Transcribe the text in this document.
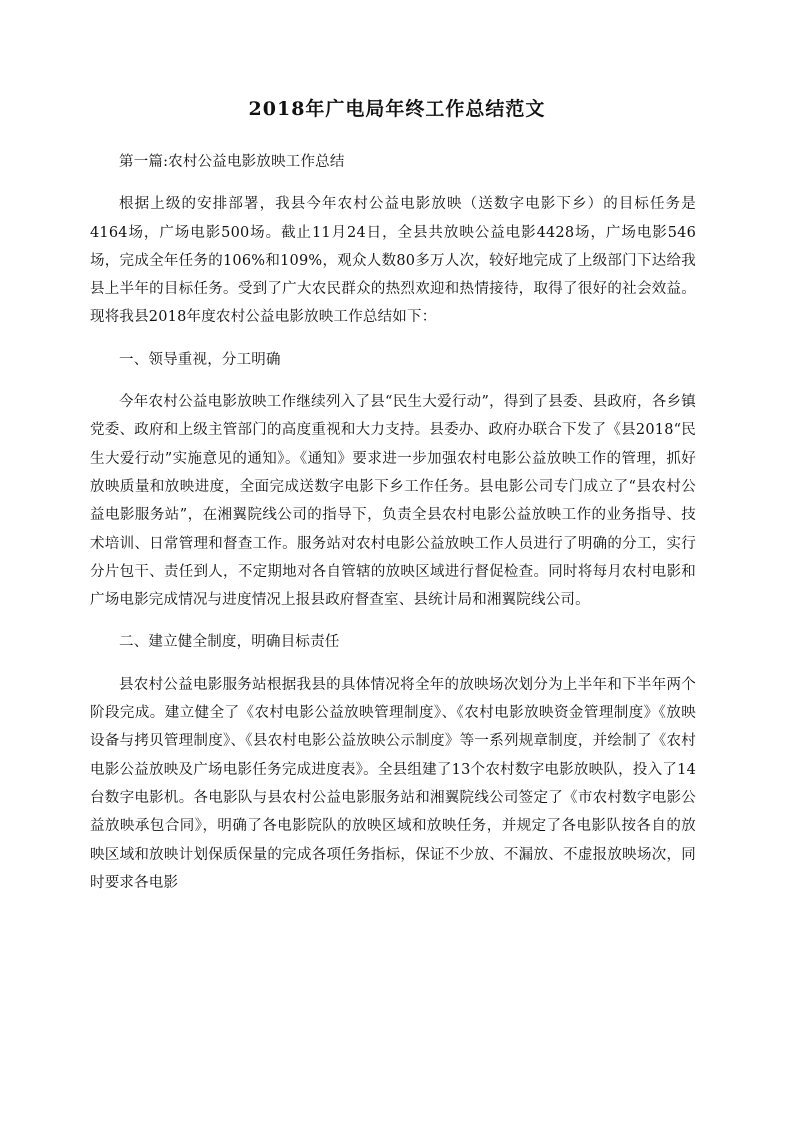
2018年广电局年终工作总结范文

第一篇:农村公益电影放映工作总结

根据上级的安排部署，我县今年农村公益电影放映（送数字电影下乡）的目标任务是4164场，广场电影500场。截止11月24日，全县共放映公益电影4428场，广场电影546场，完成全年任务的106%和109%，观众人数80多万人次，较好地完成了上级部门下达给我县上半年的目标任务。受到了广大农民群众的热烈欢迎和热情接待，取得了很好的社会效益。现将我县2018年度农村公益电影放映工作总结如下：

一、领导重视，分工明确

今年农村公益电影放映工作继续列入了县“民生大爱行动”，得到了县委、县政府，各乡镇党委、政府和上级主管部门的高度重视和大力支持。县委办、政府办联合下发了《县2018“民生大爱行动”实施意见的通知》。《通知》要求进一步加强农村电影公益放映工作的管理，抓好放映质量和放映进度，全面完成送数字电影下乡工作任务。县电影公司专门成立了“县农村公益电影服务站”，在湘翼院线公司的指导下，负责全县农村电影公益放映工作的业务指导、技术培训、日常管理和督查工作。服务站对农村电影公益放映工作人员进行了明确的分工，实行分片包干、责任到人，不定期地对各自管辖的放映区域进行督促检查。同时将每月农村电影和广场电影完成情况与进度情况上报县政府督查室、县统计局和湘翼院线公司。

二、建立健全制度，明确目标责任

县农村公益电影服务站根据我县的具体情况将全年的放映场次划分为上半年和下半年两个阶段完成。建立健全了《农村电影公益放映管理制度》、《农村电影放映资金管理制度》《放映设备与拷贝管理制度》、《县农村电影公益放映公示制度》等一系列规章制度，并绘制了《农村电影公益放映及广场电影任务完成进度表》。全县组建了13个农村数字电影放映队，投入了14台数字电影机。各电影队与县农村公益电影服务站和湘翼院线公司签定了《市农村数字电影公益放映承包合同》，明确了各电影院队的放映区域和放映任务，并规定了各电影队按各自的放映区域和放映计划保质保量的完成各项任务指标，保证不少放、不漏放、不虚报放映场次，同时要求各电影
